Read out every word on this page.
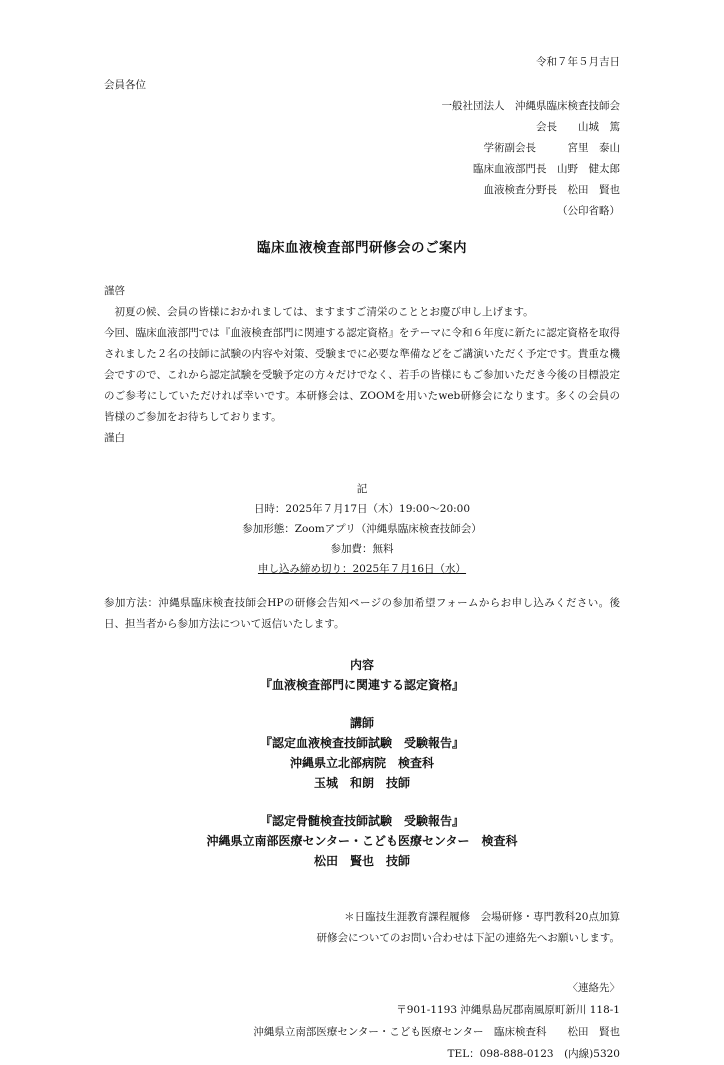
令和７年５月吉日
会員各位
一般社団法人　沖縄県臨床検査技師会
会長　　山城　篤
学術副会長　　　宮里　泰山
臨床血液部門長　山野　健太郎
血液検査分野長　松田　賢也
（公印省略）
臨床血液検査部門研修会のご案内

謹啓

初夏の候、会員の皆様におかれましては、ますますご清栄のこととお慶び申し上げます。

今回、臨床血液部門では『血液検査部門に関連する認定資格』をテーマに令和６年度に新たに認定資格を取得されました２名の技師に試験の内容や対策、受験までに必要な準備などをご講演いただく予定です。貴重な機会ですので、これから認定試験を受験予定の方々だけでなく、若手の皆様にもご参加いただき今後の目標設定のご参考にしていただければ幸いです。本研修会は、ZOOMを用いたweb研修会になります。多くの会員の皆様のご参加をお待ちしております。

謹白

記
日時：2025年７月17日（木）19:00～20:00
参加形態：Zoomアプリ（沖縄県臨床検査技師会）
参加費：無料
申し込み締め切り：2025年７月16日（水）
参加方法：沖縄県臨床検査技師会HPの研修会告知ページの参加希望フォームからお申し込みください。後日、担当者から参加方法について返信いたします。
内容
『血液検査部門に関連する認定資格』
講師
『認定血液検査技師試験　受験報告』
沖縄県立北部病院　検査科
玉城　和朗　技師
『認定骨髄検査技師試験　受験報告』
沖縄県立南部医療センター・こども医療センター　検査科
松田　賢也　技師
＊日臨技生涯教育課程履修　会場研修・専門教科20点加算
研修会についてのお問い合わせは下記の連絡先へお願いします。
〈連絡先〉
〒901-1193 沖縄県島尻郡南風原町新川 118-1
沖縄県立南部医療センター・こども医療センター　臨床検査科　　松田　賢也
TEL：098-888-0123　(内線)5320
